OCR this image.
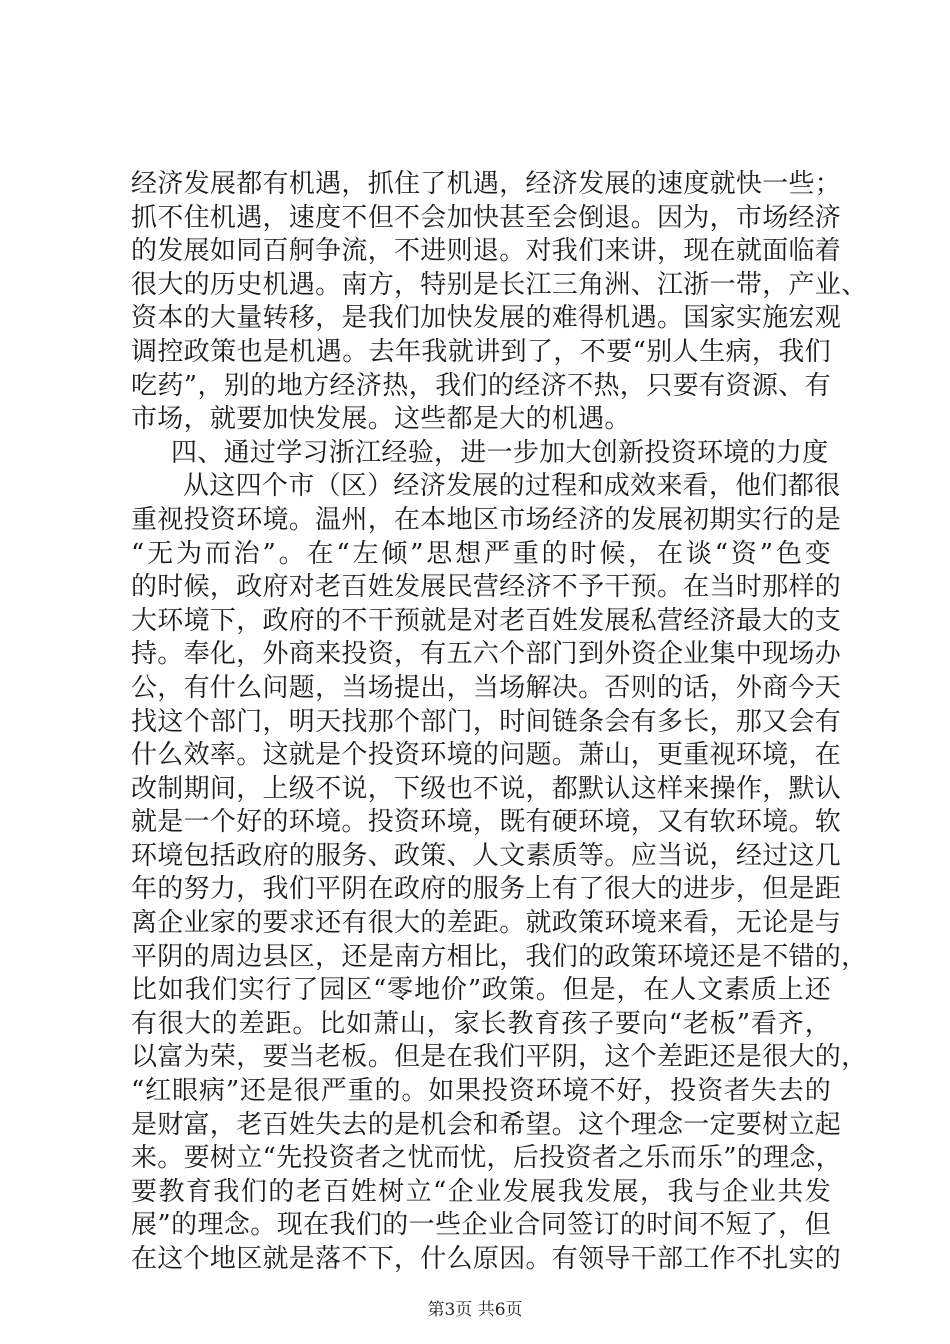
经济发展都有机遇，抓住了机遇，经济发展的速度就快一些；
抓不住机遇，速度不但不会加快甚至会倒退。因为，市场经济
的发展如同百舸争流，不进则退。对我们来讲，现在就面临着
很大的历史机遇。南方，特别是长江三角洲、江浙一带，产业、
资本的大量转移，是我们加快发展的难得机遇。国家实施宏观
调控政策也是机遇。去年我就讲到了，不要“别人生病，我们
吃药”，别的地方经济热，我们的经济不热，只要有资源、有
市场，就要加快发展。这些都是大的机遇。
四、通过学习浙江经验，进一步加大创新投资环境的力度
从这四个市（区）经济发展的过程和成效来看，他们都很
重视投资环境。温州，在本地区市场经济的发展初期实行的是
“无为而治”。在“左倾”思想严重的时候，在谈“资”色变
的时候，政府对老百姓发展民营经济不予干预。在当时那样的
大环境下，政府的不干预就是对老百姓发展私营经济最大的支
持。奉化，外商来投资，有五六个部门到外资企业集中现场办
公，有什么问题，当场提出，当场解决。否则的话，外商今天
找这个部门，明天找那个部门，时间链条会有多长，那又会有
什么效率。这就是个投资环境的问题。萧山，更重视环境，在
改制期间，上级不说，下级也不说，都默认这样来操作，默认
就是一个好的环境。投资环境，既有硬环境，又有软环境。软
环境包括政府的服务、政策、人文素质等。应当说，经过这几
年的努力，我们平阴在政府的服务上有了很大的进步，但是距
离企业家的要求还有很大的差距。就政策环境来看，无论是与
平阴的周边县区，还是南方相比，我们的政策环境还是不错的，
比如我们实行了园区“零地价”政策。但是，在人文素质上还
有很大的差距。比如萧山，家长教育孩子要向“老板”看齐，
以富为荣，要当老板。但是在我们平阴，这个差距还是很大的，
“红眼病”还是很严重的。如果投资环境不好，投资者失去的
是财富，老百姓失去的是机会和希望。这个理念一定要树立起
来。要树立“先投资者之忧而忧，后投资者之乐而乐”的理念，
要教育我们的老百姓树立“企业发展我发展，我与企业共发
展”的理念。现在我们的一些企业合同签订的时间不短了，但
在这个地区就是落不下，什么原因。有领导干部工作不扎实的
第3页 共6页
